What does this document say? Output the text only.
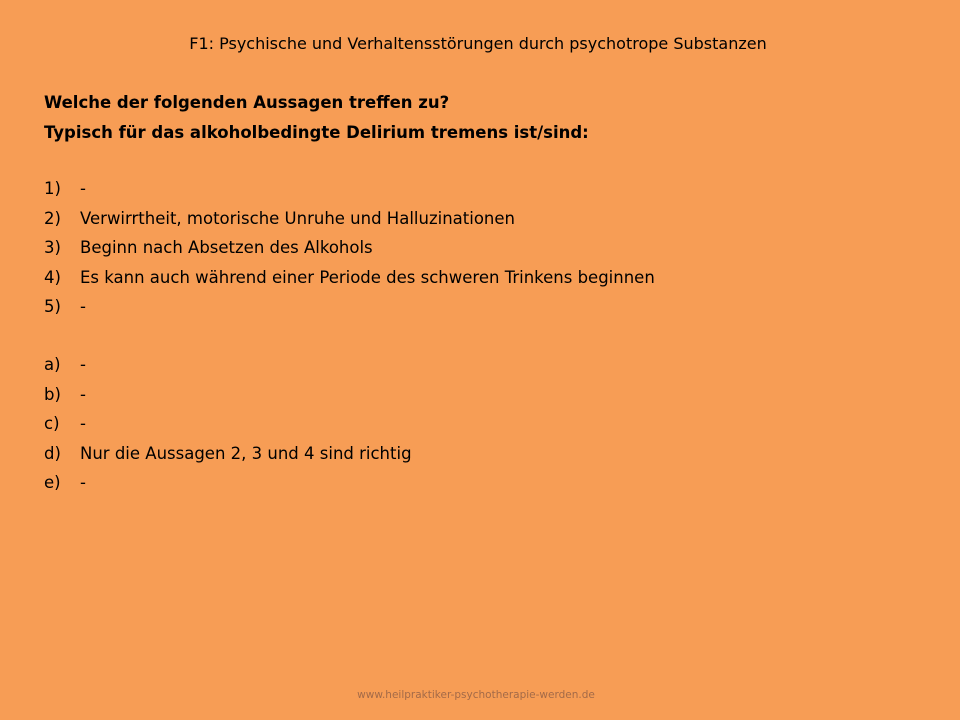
F1: Psychische und Verhaltensstörungen durch psychotrope Substanzen
Welche der folgenden Aussagen treffen zu?
Typisch für das alkoholbedingte Delirium tremens ist/sind:
1)	-
2)	Verwirrtheit, motorische Unruhe und Halluzinationen
3)	Beginn nach Absetzen des Alkohols
4)	Es kann auch während einer Periode des schweren Trinkens beginnen
5)	-
a)	-
b)	-
c)	-
d)	Nur die Aussagen 2, 3 und 4 sind richtig
e)	-
www.heilpraktiker-psychotherapie-werden.de
